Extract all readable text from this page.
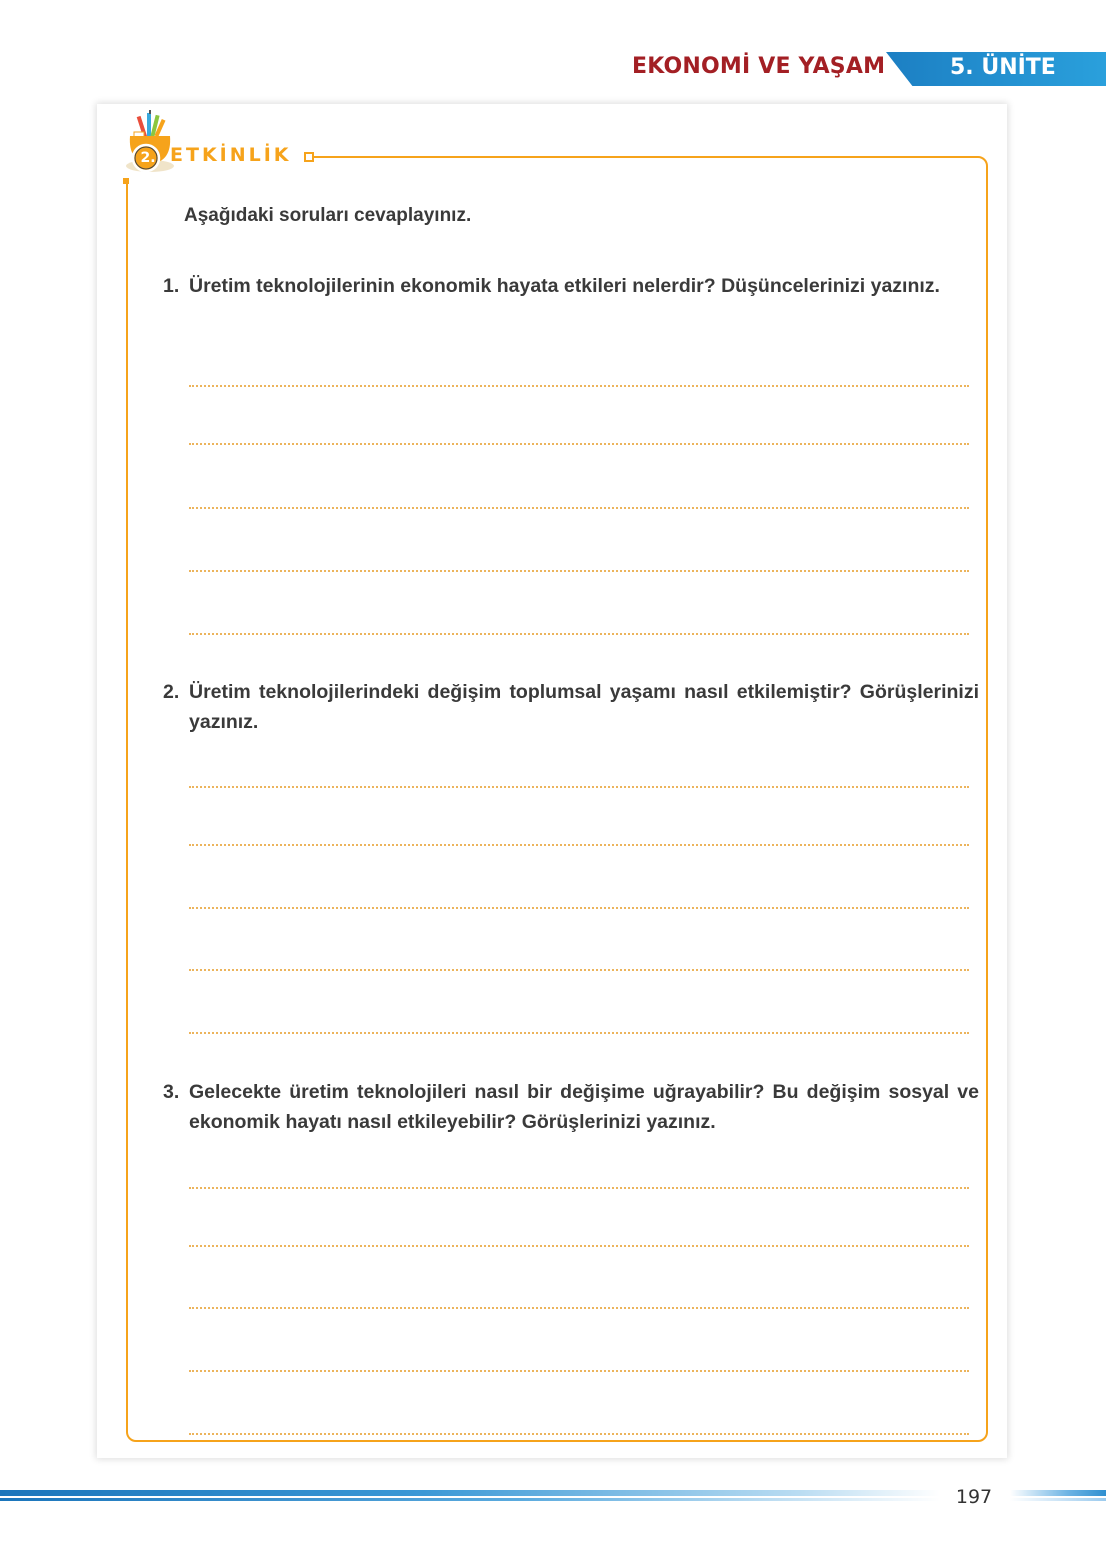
EKONOMİ VE YAŞAM	5. ÜNİTE
2. ETKİNLİK
Aşağıdaki soruları cevaplayınız.
1. Üretim teknolojilerinin ekonomik hayata etkileri nelerdir? Düşüncelerinizi yazınız.
2. Üretim teknolojilerindeki değişim toplumsal yaşamı nasıl etkilemiştir? Görüşlerinizi yazınız.
3. Gelecekte üretim teknolojileri nasıl bir değişime uğrayabilir? Bu değişim sosyal ve ekonomik hayatı nasıl etkileyebilir? Görüşlerinizi yazınız.
197
